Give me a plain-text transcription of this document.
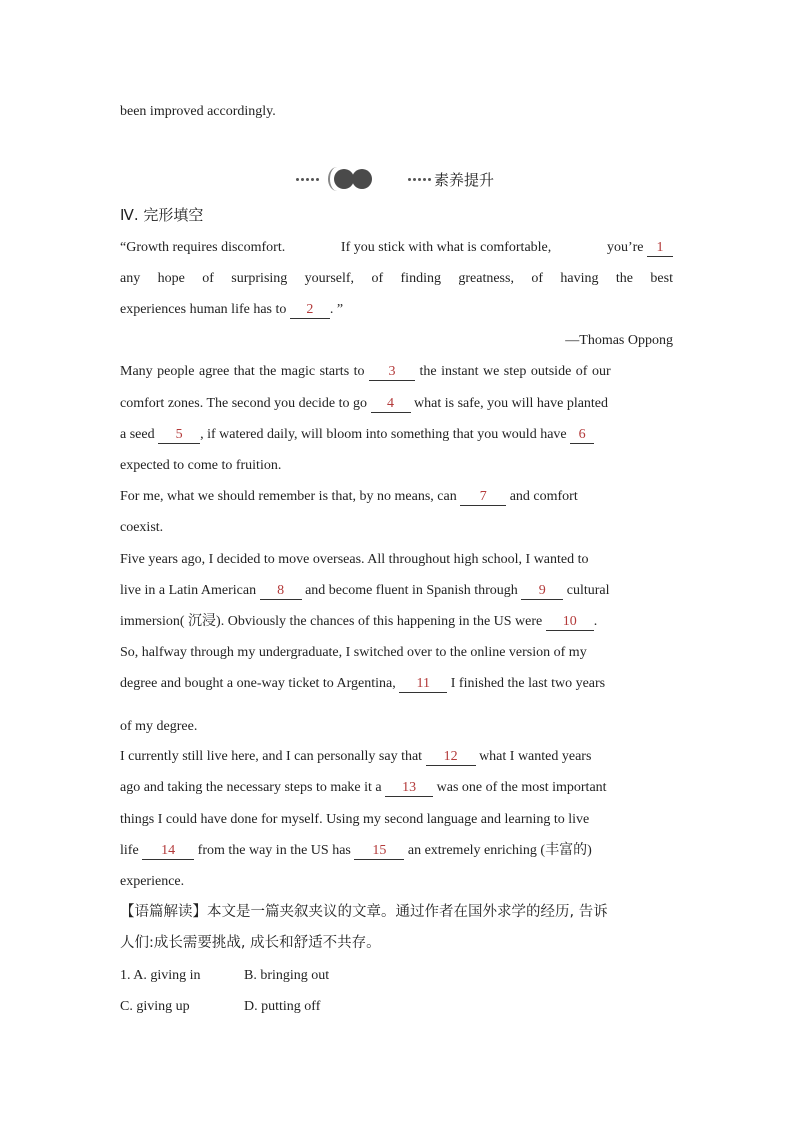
been improved accordingly.
素养提升
Ⅳ. 完形填空
“Growth requires discomfort.	If you stick with what is comfortable,	you’re 1
any hope of surprising yourself, of finding greatness, of having the best
experiences human life has to 2 . ”
—Thomas Oppong
Many people agree that the magic starts to 3 the instant we step outside of our
comfort zones. The second you decide to go 4 what is safe, you will have planted
a seed 5 , if watered daily, will bloom into something that you would have 6
expected to come to fruition.
For me, what we should remember is that, by no means, can 7 and comfort
coexist.
Five years ago, I decided to move overseas. All throughout high school, I wanted to
live in a Latin American 8 and become fluent in Spanish through 9 cultural
immersion( 沉浸). Obviously the chances of this happening in the US were 10 .
So, halfway through my undergraduate, I switched over to the online version of my
degree and bought a one-way ticket to Argentina, 11 I finished the last two years
of my degree.
I currently still live here, and I can personally say that 12 what I wanted years
ago and taking the necessary steps to make it a 13 was one of the most important
things I could have done for myself. Using my second language and learning to live
life 14 from the way in the US has 15 an extremely enriching (丰富的)
experience.
【语篇解读】本文是一篇夹叙夹议的文章。通过作者在国外求学的经历, 告诉
人们:成长需要挑战, 成长和舒适不共存。
1. A. giving in	B. bringing out
C. giving up	D. putting off
